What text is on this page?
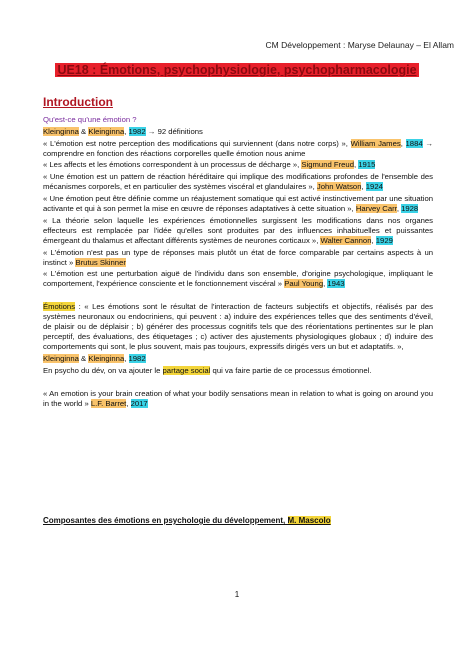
CM Développement : Maryse Delaunay – El Allam
UE18 : Émotions, psychophysiologie, psychopharmacologie
Introduction

Qu'est-ce qu'une émotion ?

Kleinginna & Kleinginna, 1982 → 92 définitions

« L'émotion est notre perception des modifications qui surviennent (dans notre corps) », William James, 1884 → comprendre en fonction des réactions corporelles quelle émotion nous anime

« Les affects et les émotions correspondent à un processus de décharge », Sigmund Freud, 1915

« Une émotion est un pattern de réaction héréditaire qui implique des modifications profondes de l'ensemble des mécanismes corporels, et en particulier des systèmes viscéral et glandulaires », John Watson, 1924

« Une émotion peut être définie comme un réajustement somatique qui est activé instinctivement par une situation activante et qui à son permet la mise en œuvre de réponses adaptatives à cette situation », Harvey Carr, 1928

« La théorie selon laquelle les expériences émotionnelles surgissent les modifications dans nos organes effecteurs est remplacée par l'idée qu'elles sont produites par des influences inhabituelles et puissantes émergeant du thalamus et affectant différents systèmes de neurones corticaux », Walter Cannon, 1929

« L'émotion n'est pas un type de réponses mais plutôt un état de force comparable par certains aspects à un instinct » Brutus Skinner

« L'émotion est une perturbation aiguë de l'individu dans son ensemble, d'origine psychologique, impliquant le comportement, l'expérience consciente et le fonctionnement viscéral » Paul Young, 1943

Émotions : « Les émotions sont le résultat de l'interaction de facteurs subjectifs et objectifs, réalisés par des systèmes neuronaux ou endocriniens, qui peuvent : a) induire des expériences telles que des sentiments d'éveil, de plaisir ou de déplaisir ; b) générer des processus cognitifs tels que des réorientations pertinentes sur le plan perceptif, des évaluations, des étiquetages ; c) activer des ajustements physiologiques globaux ; d) induire des comportements qui sont, le plus souvent, mais pas toujours, expressifs dirigés vers un but et adaptatifs. »,

Kleinginna & Kleinginna, 1982

En psycho du dév, on va ajouter le partage social qui va faire partie de ce processus émotionnel.

« An emotion is your brain creation of what your bodily sensations mean in relation to what is going on around you in the world » L.F. Barret, 2017

Composantes des émotions en psychologie du développement, M. Mascolo
1
